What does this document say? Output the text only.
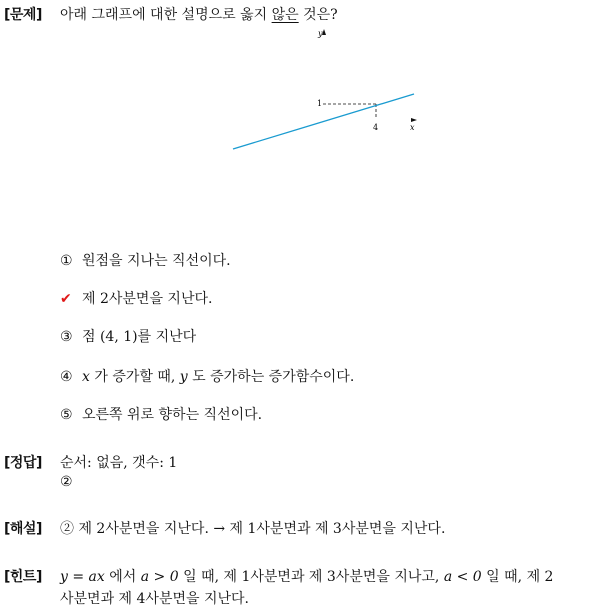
[문제] 아래 그래프에 대한 설명으로 옳지 않은 것은?
y
1
4	x
① 원점을 지나는 직선이다.
✔ 제 2사분면을 지난다.
③ 점 (4, 1)를 지난다
④ x 가 증가할 때, y 도 증가하는 증가함수이다.
⑤ 오른쪽 위로 향하는 직선이다.
[정답] 순서: 없음, 갯수: 1
②
[해설] ② 제 2사분면을 지난다. → 제 1사분면과 제 3사분면을 지난다.
[힌트] y = ax 에서 a > 0 일 때, 제 1사분면과 제 3사분면을 지나고, a < 0 일 때, 제 2
사분면과 제 4사분면을 지난다.
